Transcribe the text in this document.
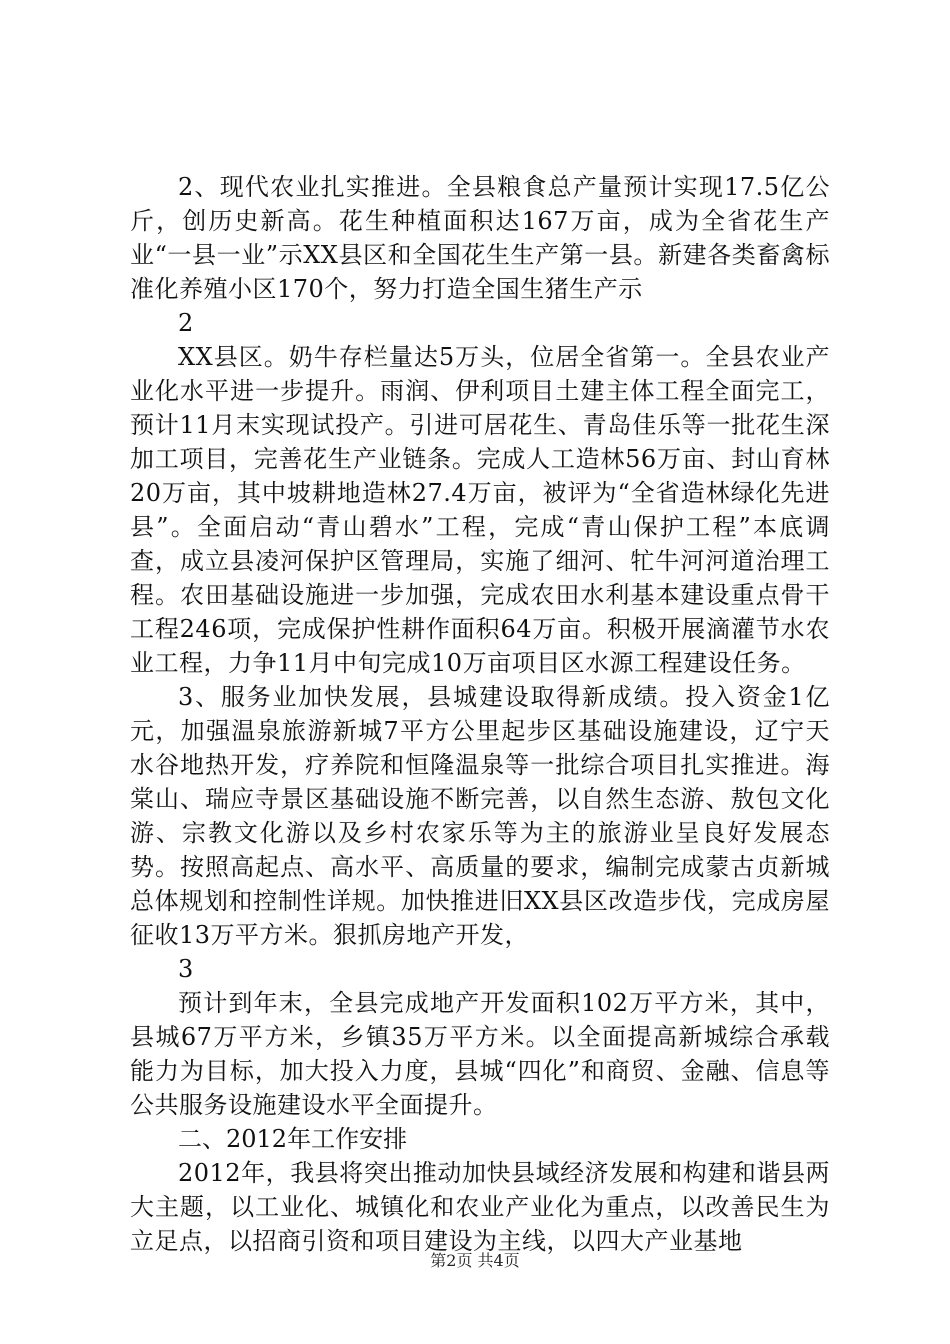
2、现代农业扎实推进。全县粮食总产量预计实现17.5亿公斤，创历史新高。花生种植面积达167万亩，成为全省花生产业“一县一业”示XX县区和全国花生生产第一县。新建各类畜禽标准化养殖小区170个，努力打造全国生猪生产示

2

XX县区。奶牛存栏量达5万头，位居全省第一。全县农业产业化水平进一步提升。雨润、伊利项目土建主体工程全面完工，预计11月末实现试投产。引进可居花生、青岛佳乐等一批花生深加工项目，完善花生产业链条。完成人工造林56万亩、封山育林20万亩，其中坡耕地造林27.4万亩，被评为“全省造林绿化先进县”。全面启动“青山碧水”工程，完成“青山保护工程”本底调查，成立县凌河保护区管理局，实施了细河、牤牛河河道治理工程。农田基础设施进一步加强，完成农田水利基本建设重点骨干工程246项，完成保护性耕作面积64万亩。积极开展滴灌节水农业工程，力争11月中旬完成10万亩项目区水源工程建设任务。

3、服务业加快发展，县城建设取得新成绩。投入资金1亿元，加强温泉旅游新城7平方公里起步区基础设施建设，辽宁天水谷地热开发，疗养院和恒隆温泉等一批综合项目扎实推进。海棠山、瑞应寺景区基础设施不断完善，以自然生态游、敖包文化游、宗教文化游以及乡村农家乐等为主的旅游业呈良好发展态势。按照高起点、高水平、高质量的要求，编制完成蒙古贞新城总体规划和控制性详规。加快推进旧XX县区改造步伐，完成房屋征收13万平方米。狠抓房地产开发，

3

预计到年末，全县完成地产开发面积102万平方米，其中，县城67万平方米，乡镇35万平方米。以全面提高新城综合承载能力为目标，加大投入力度，县城“四化”和商贸、金融、信息等公共服务设施建设水平全面提升。

二、2012年工作安排

2012年，我县将突出推动加快县域经济发展和构建和谐县两大主题，以工业化、城镇化和农业产业化为重点，以改善民生为立足点，以招商引资和项目建设为主线，以四大产业基地

第2页 共4页
